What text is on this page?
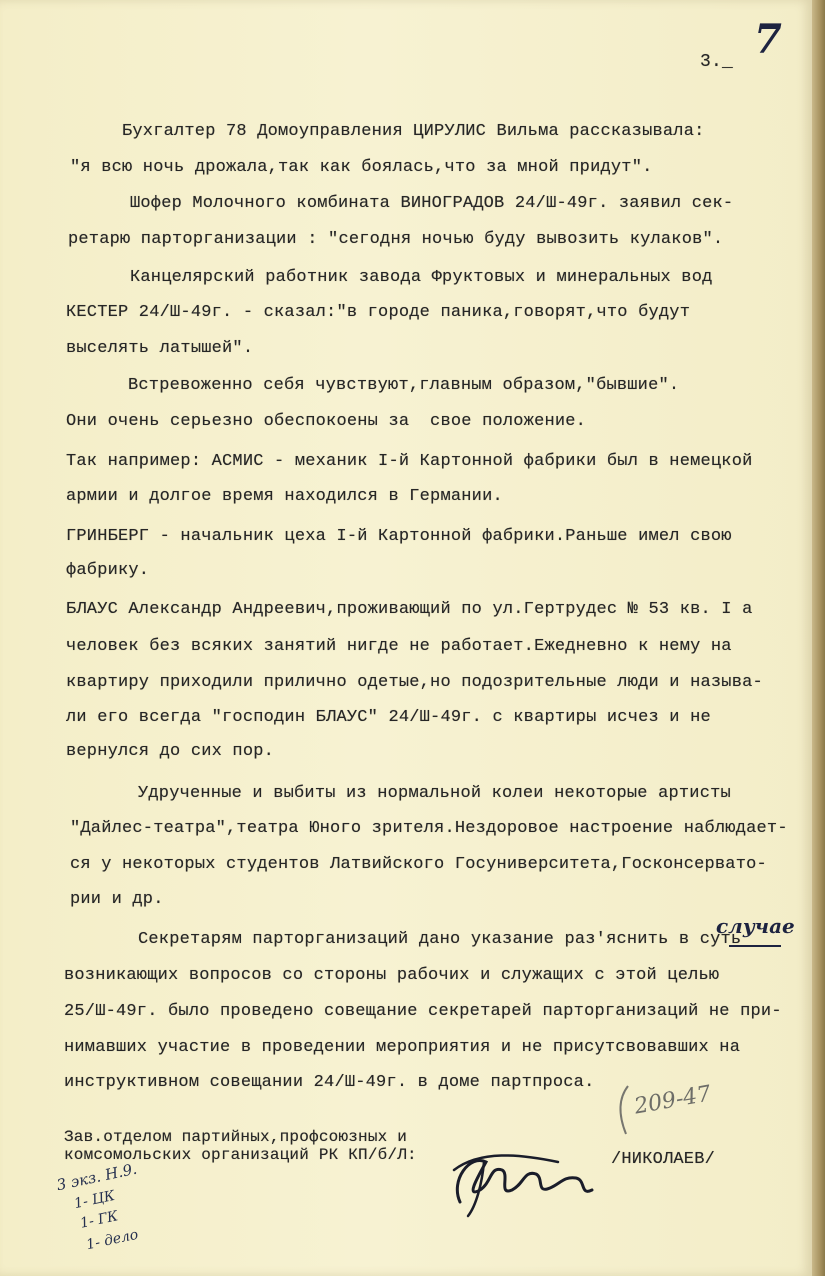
3._ 7
Бухгалтер 78 Домоуправления ЦИРУЛИС Вильма рассказывала:
"я всю ночь дрожала,так как боялась,что за мной придут".
Шофер Молочного комбината ВИНОГРАДОВ 24/Ш-49г. заявил сек-
ретарю парторганизации : "сегодня ночью буду вывозить кулаков".
Канцелярский работник завода Фруктовых и минеральных вод
КЕСТЕР 24/Ш-49г. - сказал:"в городе паника,говорят,что будут
выселять латышей".
Встревоженно себя чувствуют,главным образом,"бывшие".
Они очень серьезно обеспокоены за  свое положение.
Так например: АСМИС - механик I-й Картонной фабрики был в немецкой
армии и долгое время находился в Германии.
ГРИНБЕРГ - начальник цеха I-й Картонной фабрики.Раньше имел свою
фабрику.
БЛАУС Александр Андреевич,проживающий по ул.Гертрудес № 53 кв. I а
человек без всяких занятий нигде не работает.Ежедневно к нему на
квартиру приходили прилично одетые,но подозрительные люди и называ-
ли его всегда "господин БЛАУС" 24/Ш-49г. с квартиры исчез и не
вернулся до сих пор.
Удрученные и выбиты из нормальной колеи некоторые артисты
"Дайлес-театра",театра Юного зрителя.Нездоровое настроение наблюдает-
ся у некоторых студентов Латвийского Госуниверситета,Госконсервато-
рии и др.
Секретарям парторганизаций дано указание раз'яснить в суть
возникающих вопросов со стороны рабочих и служащих с этой целью
25/Ш-49г. было проведено совещание секретарей парторганизаций не при-
нимавших участие в проведении мероприятия и не присутсвовавших на
инструктивном совещании 24/Ш-49г. в доме партпроса.
случае
209-47
Зав.отделом партийных,профсоюзных и
комсомольских организаций РК КП/б/Л:	/НИКОЛАЕВ/
3 экз. Н.9.
1- ЦК
1- ГК
1- дело
